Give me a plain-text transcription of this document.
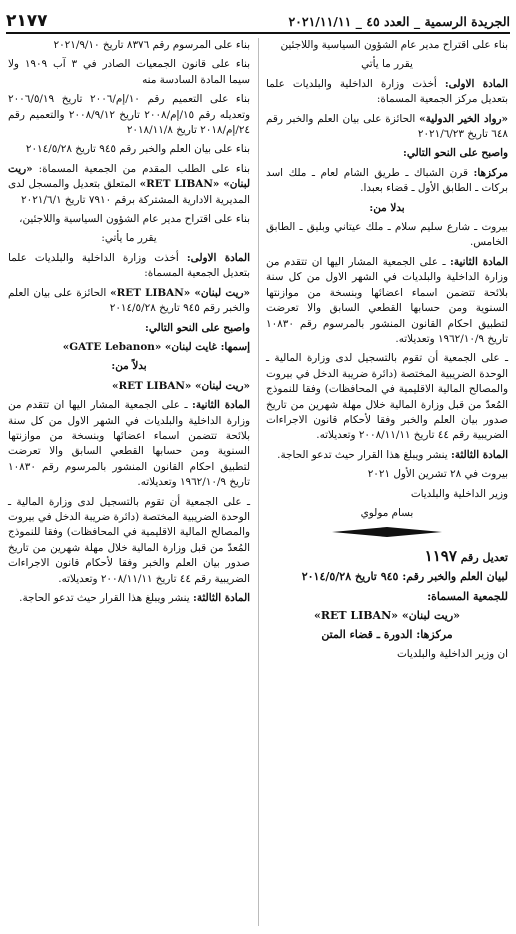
الجريدة الرسمية _ العدد ٤٥ _ ٢٠٢١/١١/١١
٢١٧٧

بناء على اقتراح مدير عام الشؤون السياسية واللاجئين

يقرر ما يأتي

المادة الاولى: أخذت وزارة الداخلية والبلديات علما بتعديل مركز الجمعية المسماة:

«رواد الخير الدولية» الحائزة على بيان العلم والخبر رقم ٦٤٨ تاريخ ٢٠٢١/٦/٢٣

واصبح على النحو التالي:

مركزها: قرن الشباك ـ طريق الشام لعام ـ ملك اسد بركات ـ الطابق الأول ـ قضاء بعبدا.

بدلا من:

بيروت ـ شارع سليم سلام ـ ملك عيتاني وبليق ـ الطابق الخامس.

المادة الثانية: ـ على الجمعية المشار اليها ان تتقدم من وزارة الداخلية والبلديات في الشهر الاول من كل سنة بلائحة تتضمن اسماء اعضائها وبنسخة من موازنتها السنوية ومن حسابها القطعي السابق والا تعرضت لتطبيق احكام القانون المنشور بالمرسوم رقم ١٠٨٣٠ تاريخ ١٩٦٢/١٠/٩ وتعديلاته.

ـ على الجمعية أن تقوم بالتسجيل لدى وزارة المالية ـ الوحدة الضريبية المختصة (دائرة ضريبة الدخل في بيروت والمصالح المالية الاقليمية في المحافظات) وفقا للنموذج المُعدّ من قبل وزارة المالية خلال مهلة شهرين من تاريخ صدور بيان العلم والخبر وفقا لأحكام قانون الاجراءات الضريبية رقم ٤٤ تاريخ ٢٠٠٨/١١/١١ وتعديلاته.

المادة الثالثة: ينشر ويبلغ هذا القرار حيث تدعو الحاجة.

بيروت في ٢٨ تشرين الأول ٢٠٢١

وزير الداخلية والبلديات

بسام مولوي

تعديل رقم ١١٩٧

لبيان العلم والخبر رقم: ٩٤٥ تاريخ ٢٠١٤/٥/٢٨

للجمعية المسماة:

«ريت لبنان» «RET LIBAN»

مركزها: الدورة ـ قضاء المتن

ان وزير الداخلية والبلديات

بناء على المرسوم رقم ٨٣٧٦ تاريخ ٢٠٢١/٩/١٠

بناء على قانون الجمعيات الصادر في ٣ آب ١٩٠٩ ولا سيما المادة السادسة منه

بناء على التعميم رقم ١٠/إم/٢٠٠٦ تاريخ ٢٠٠٦/٥/١٩ وتعديله رقم ١٥/إم/٢٠٠٨ تاريخ ٢٠٠٨/٩/١٢ والتعميم رقم ٢٤/إم/٢٠١٨ تاريخ ٢٠١٨/١١/٨

بناء على بيان العلم والخبر رقم ٩٤٥ تاريخ ٢٠١٤/٥/٢٨

بناء على الطلب المقدم من الجمعية المسماة: «ريت لبنان» «RET LIBAN» المتعلق بتعديل والمسجل لدى المديرية الادارية المشتركة برقم ٧٩١٠ تاريخ ٢٠٢١/٦/١

بناء على اقتراح مدير عام الشؤون السياسية واللاجئين،

يقرر ما يأتي:

المادة الاولى: أخذت وزارة الداخلية والبلديات علما بتعديل الجمعية المسماة:

«ريت لبنان» «RET LIBAN» الحائزة على بيان العلم والخبر رقم ٩٤٥ تاريخ ٢٠١٤/٥/٢٨

واصبح على النحو التالي:

إسمها: غايت لبنان» «GATE Lebanon»

بدلاً من:

«ريت لبنان» «RET LIBAN»

المادة الثانية: ـ على الجمعية المشار اليها ان تتقدم من وزارة الداخلية والبلديات في الشهر الاول من كل سنة بلائحة تتضمن اسماء اعضائها وبنسخة من موازنتها السنوية ومن حسابها القطعي السابق والا تعرضت لتطبيق احكام القانون المنشور بالمرسوم رقم ١٠٨٣٠ تاريخ ١٩٦٢/١٠/٩ وتعديلاته.

ـ على الجمعية أن تقوم بالتسجيل لدى وزارة المالية ـ الوحدة الضريبية المختصة (دائرة ضريبة الدخل في بيروت والمصالح المالية الاقليمية في المحافظات) وفقا للنموذج المُعدّ من قبل وزارة المالية خلال مهلة شهرين من تاريخ صدور بيان العلم والخبر وفقا لأحكام قانون الاجراءات الضريبية رقم ٤٤ تاريخ ٢٠٠٨/١١/١١ وتعديلاته.

المادة الثالثة: ينشر ويبلغ هذا القرار حيث تدعو الحاجة.
